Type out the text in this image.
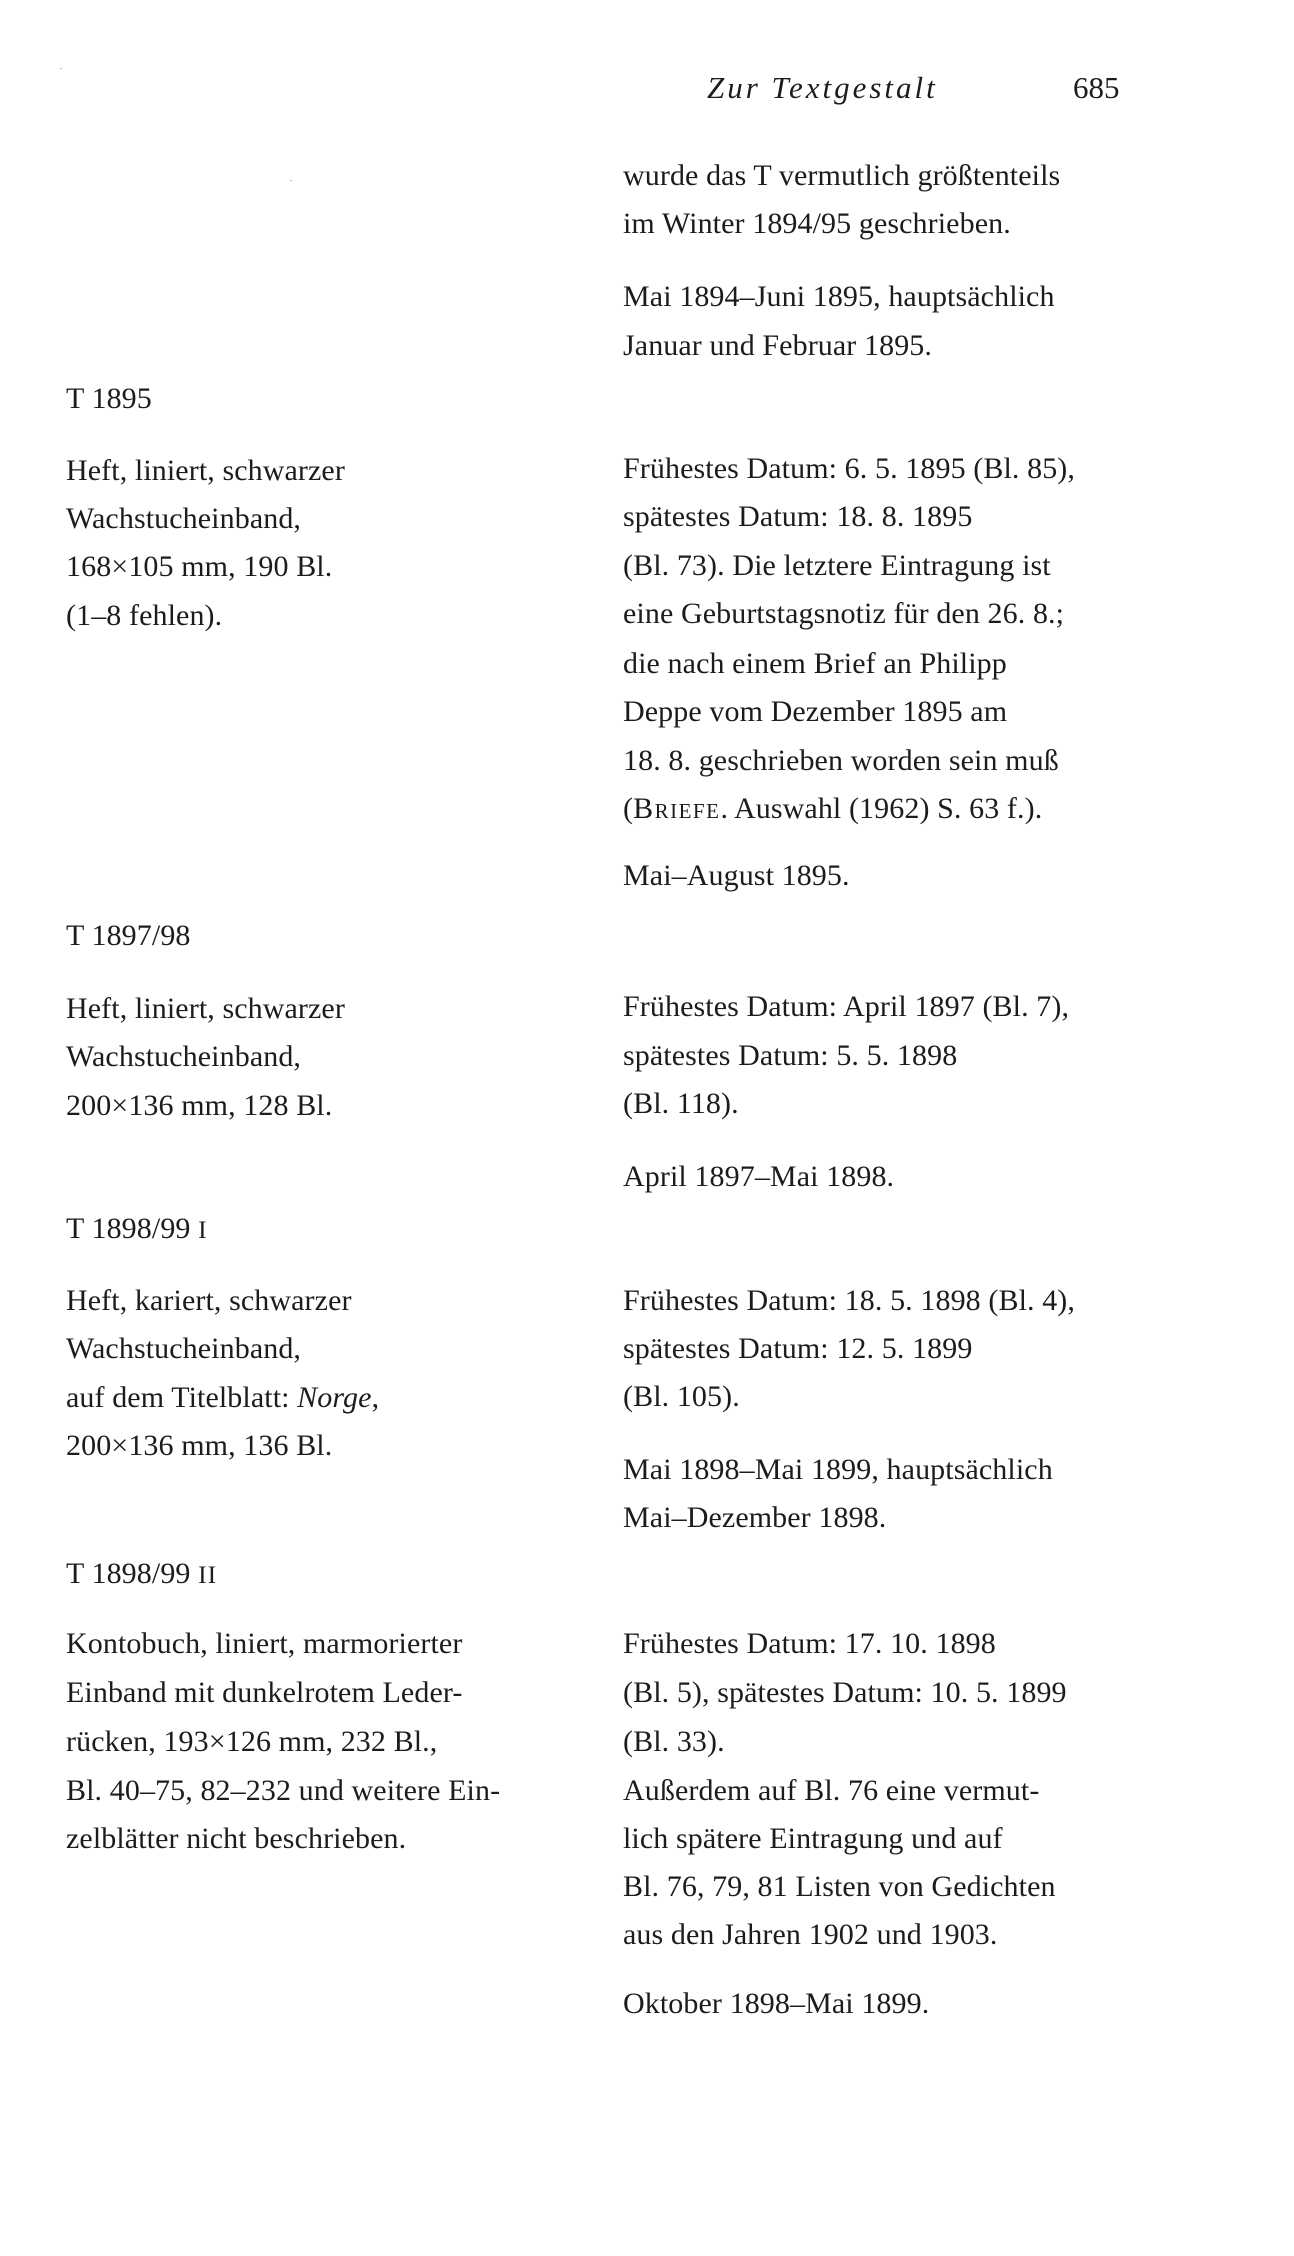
Zur Textgestalt	685
wurde das T vermutlich größtenteils
im Winter 1894/95 geschrieben.
Mai 1894–Juni 1895, hauptsächlich
Januar und Februar 1895.
T 1895
Heft, liniert, schwarzer
Wachstucheinband,
168×105 mm, 190 Bl.
(1–8 fehlen).
Frühestes Datum: 6. 5. 1895 (Bl. 85),
spätestes Datum: 18. 8. 1895
(Bl. 73). Die letztere Eintragung ist
eine Geburtstagsnotiz für den 26. 8.;
die nach einem Brief an Philipp
Deppe vom Dezember 1895 am
18. 8. geschrieben worden sein muß
(Briefe. Auswahl (1962) S. 63 f.).
Mai–August 1895.
T 1897/98
Heft, liniert, schwarzer
Wachstucheinband,
200×136 mm, 128 Bl.
Frühestes Datum: April 1897 (Bl. 7),
spätestes Datum: 5. 5. 1898
(Bl. 118).
April 1897–Mai 1898.
T 1898/99 I
Heft, kariert, schwarzer
Wachstucheinband,
auf dem Titelblatt: Norge,
200×136 mm, 136 Bl.
Frühestes Datum: 18. 5. 1898 (Bl. 4),
spätestes Datum: 12. 5. 1899
(Bl. 105).
Mai 1898–Mai 1899, hauptsächlich
Mai–Dezember 1898.
T 1898/99 II
Kontobuch, liniert, marmorierter
Einband mit dunkelrotem Leder-
rücken, 193×126 mm, 232 Bl.,
Bl. 40–75, 82–232 und weitere Ein-
zelblätter nicht beschrieben.
Frühestes Datum: 17. 10. 1898
(Bl. 5), spätestes Datum: 10. 5. 1899
(Bl. 33).
Außerdem auf Bl. 76 eine vermut-
lich spätere Eintragung und auf
Bl. 76, 79, 81 Listen von Gedichten
aus den Jahren 1902 und 1903.
Oktober 1898–Mai 1899.
